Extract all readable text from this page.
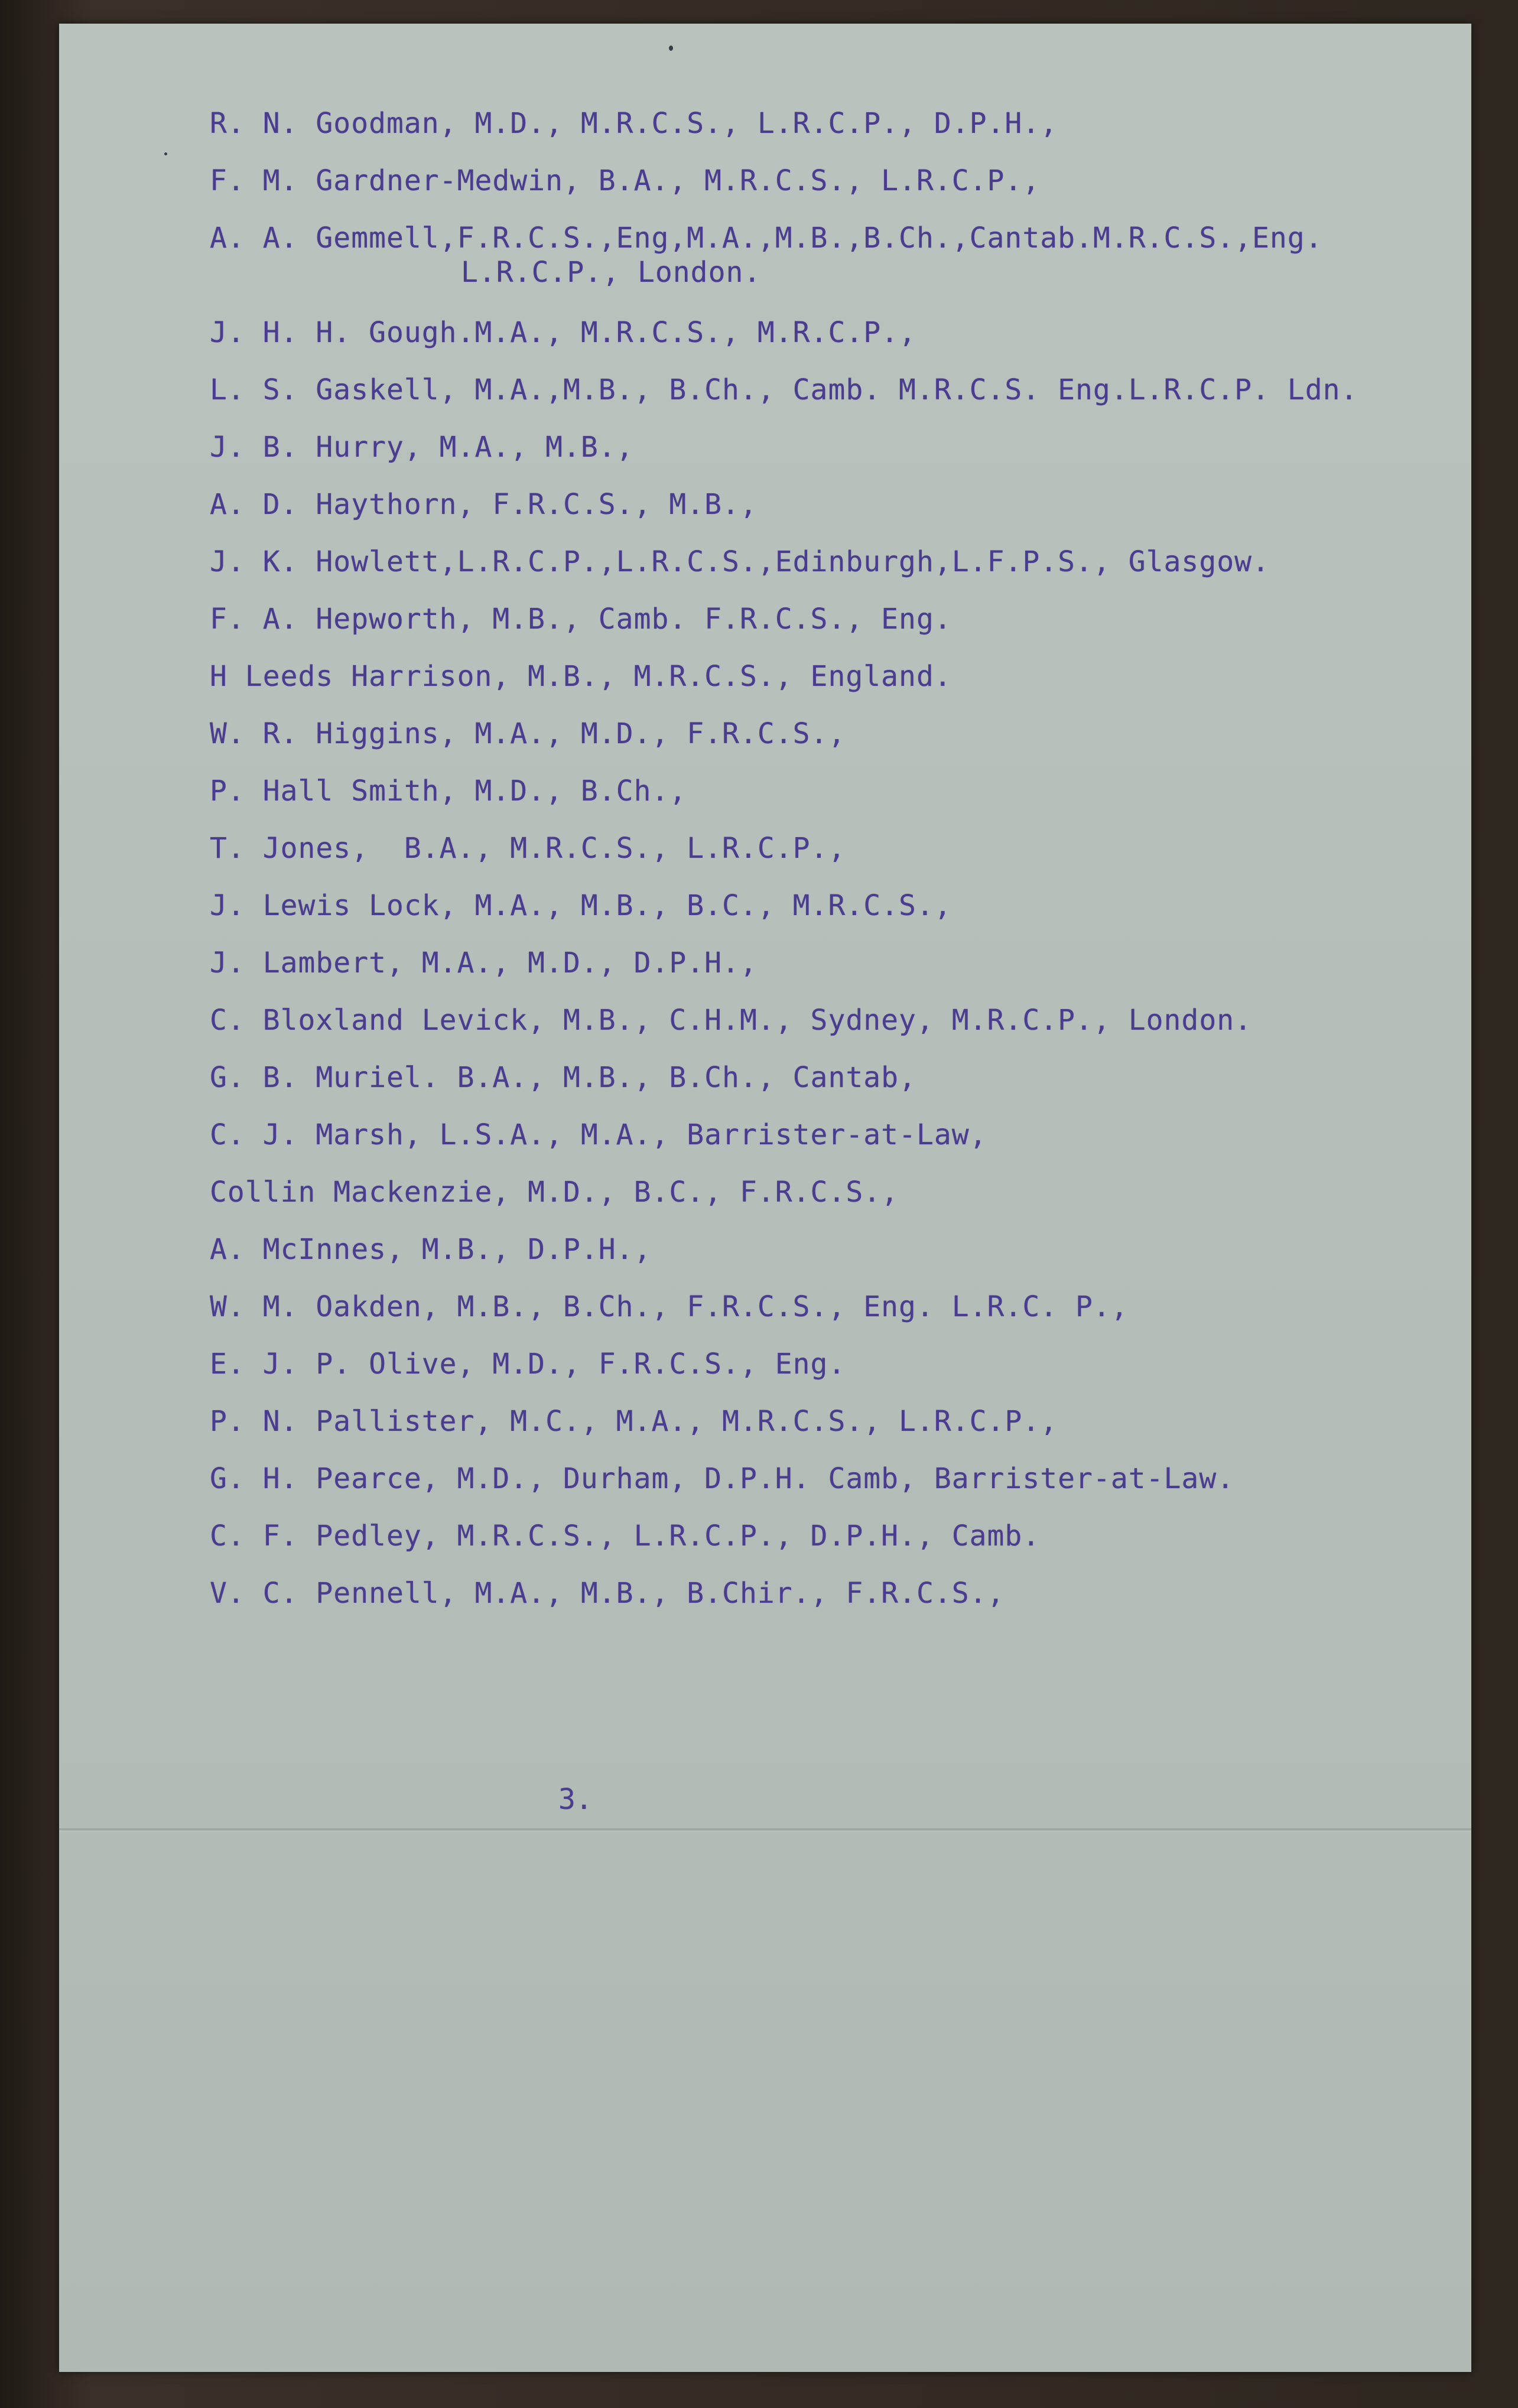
R. N. Goodman, M.D., M.R.C.S., L.R.C.P., D.P.H.,
F. M. Gardner-Medwin, B.A., M.R.C.S., L.R.C.P.,
A. A. Gemmell,F.R.C.S.,Eng,M.A.,M.B.,B.Ch.,Cantab.M.R.C.S.,Eng.
L.R.C.P., London.
J. H. H. Gough.M.A., M.R.C.S., M.R.C.P.,
L. S. Gaskell, M.A.,M.B., B.Ch., Camb. M.R.C.S. Eng.L.R.C.P. Ldn.
J. B. Hurry, M.A., M.B.,
A. D. Haythorn, F.R.C.S., M.B.,
J. K. Howlett,L.R.C.P.,L.R.C.S.,Edinburgh,L.F.P.S., Glasgow.
F. A. Hepworth, M.B., Camb. F.R.C.S., Eng.
H Leeds Harrison, M.B., M.R.C.S., England.
W. R. Higgins, M.A., M.D., F.R.C.S.,
P. Hall Smith, M.D., B.Ch.,
T. Jones,  B.A., M.R.C.S., L.R.C.P.,
J. Lewis Lock, M.A., M.B., B.C., M.R.C.S.,
J. Lambert, M.A., M.D., D.P.H.,
C. Bloxland Levick, M.B., C.H.M., Sydney, M.R.C.P., London.
G. B. Muriel. B.A., M.B., B.Ch., Cantab,
C. J. Marsh, L.S.A., M.A., Barrister-at-Law,
Collin Mackenzie, M.D., B.C., F.R.C.S.,
A. McInnes, M.B., D.P.H.,
W. M. Oakden, M.B., B.Ch., F.R.C.S., Eng. L.R.C. P.,
E. J. P. Olive, M.D., F.R.C.S., Eng.
P. N. Pallister, M.C., M.A., M.R.C.S., L.R.C.P.,
G. H. Pearce, M.D., Durham, D.P.H. Camb, Barrister-at-Law.
C. F. Pedley, M.R.C.S., L.R.C.P., D.P.H., Camb.
V. C. Pennell, M.A., M.B., B.Chir., F.R.C.S.,
3.
